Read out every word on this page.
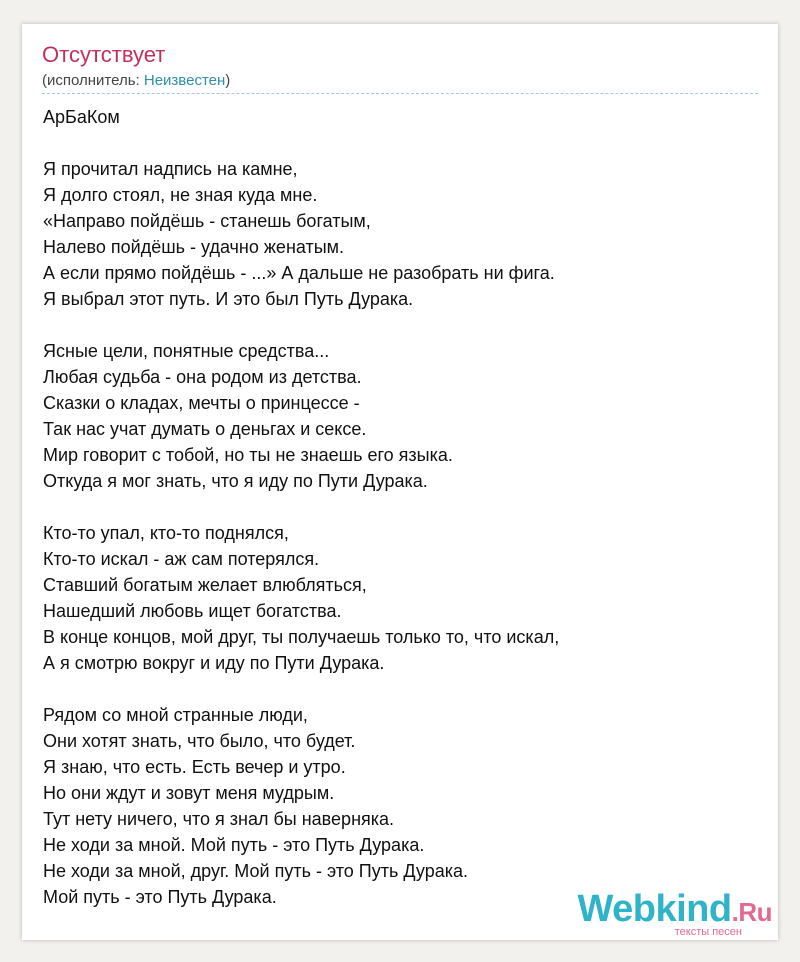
Отсутствует
(исполнитель: Неизвестен)
АрБаКом
Я прочитал надпись на камне,
Я долго стоял, не зная куда мне.
«Направо пойдёшь - станешь богатым,
Налево пойдёшь - удачно женатым.
А если прямо пойдёшь - ...» А дальше не разобрать ни фига.
Я выбрал этот путь. И это был Путь Дурака.
Ясные цели, понятные средства...
Любая судьба - она родом из детства.
Сказки о кладах, мечты о принцессе -
Так нас учат думать о деньгах и сексе.
Мир говорит с тобой, но ты не знаешь его языка.
Откуда я мог знать, что я иду по Пути Дурака.
Кто-то упал, кто-то поднялся,
Кто-то искал - аж сам потерялся.
Ставший богатым желает влюбляться,
Нашедший любовь ищет богатства.
В конце концов, мой друг, ты получаешь только то, что искал,
А я смотрю вокруг и иду по Пути Дурака.
Рядом со мной странные люди,
Они хотят знать, что было, что будет.
Я знаю, что есть. Есть вечер и утро.
Но они ждут и зовут меня мудрым.
Тут нету ничего, что я знал бы наверняка.
Не ходи за мной. Мой путь - это Путь Дурака.
Не ходи за мной, друг. Мой путь - это Путь Дурака.
Мой путь - это Путь Дурака.	Webkind.Ru
тексты песен
